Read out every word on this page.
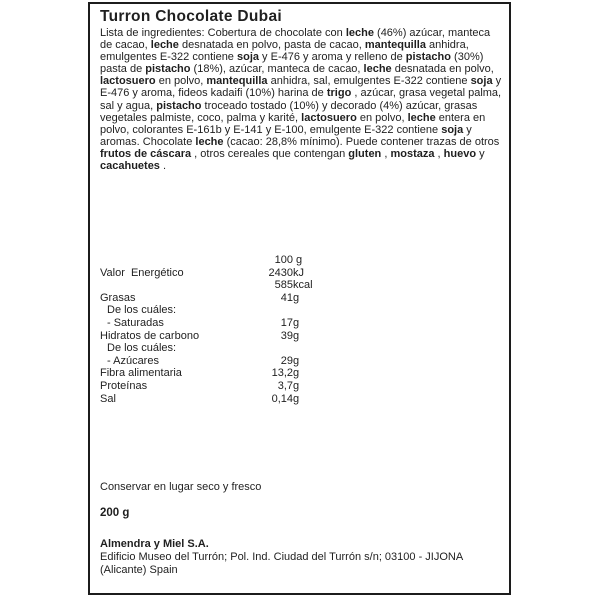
Turron Chocolate Dubai

Lista de ingredientes: Cobertura de chocolate con leche (46%) azúcar, manteca de cacao, leche desnatada en polvo, pasta de cacao, mantequilla anhidra, emulgentes E-322 contiene soja y E-476 y aroma y relleno de pistacho (30%) pasta de pistacho (18%), azúcar, manteca de cacao, leche desnatada en polvo, lactosuero en polvo, mantequilla anhidra, sal, emulgentes E-322 contiene soja y E-476 y aroma, fideos kadaifi (10%) harina de trigo , azúcar, grasa vegetal palma, sal y agua, pistacho troceado tostado (10%) y decorado (4%) azúcar, grasas vegetales palmiste, coco, palma y karité, lactosuero en polvo, leche entera en polvo, colorantes E-161b y E-141 y E-100, emulgente E-322 contiene soja y aromas. Chocolate leche (cacao: 28,8% mínimo). Puede contener trazas de otros frutos de cáscara , otros cereales que contengan gluten , mostaza , huevo y cacahuetes .

100 g
Valor  Energético	2430 kJ
585 kcal
Grasas	41 g
De los cuáles:
- Saturadas	17 g
Hidratos de carbono	39 g
De los cuáles:
- Azúcares	29 g
Fibra alimentaria	13,2 g
Proteínas	3,7 g
Sal	0,14 g
Conservar en lugar seco y fresco
200 g
Almendra y Miel S.A.
Edificio Museo del Turrón; Pol. Ind. Ciudad del Turrón s/n; 03100 - JIJONA
(Alicante) Spain
